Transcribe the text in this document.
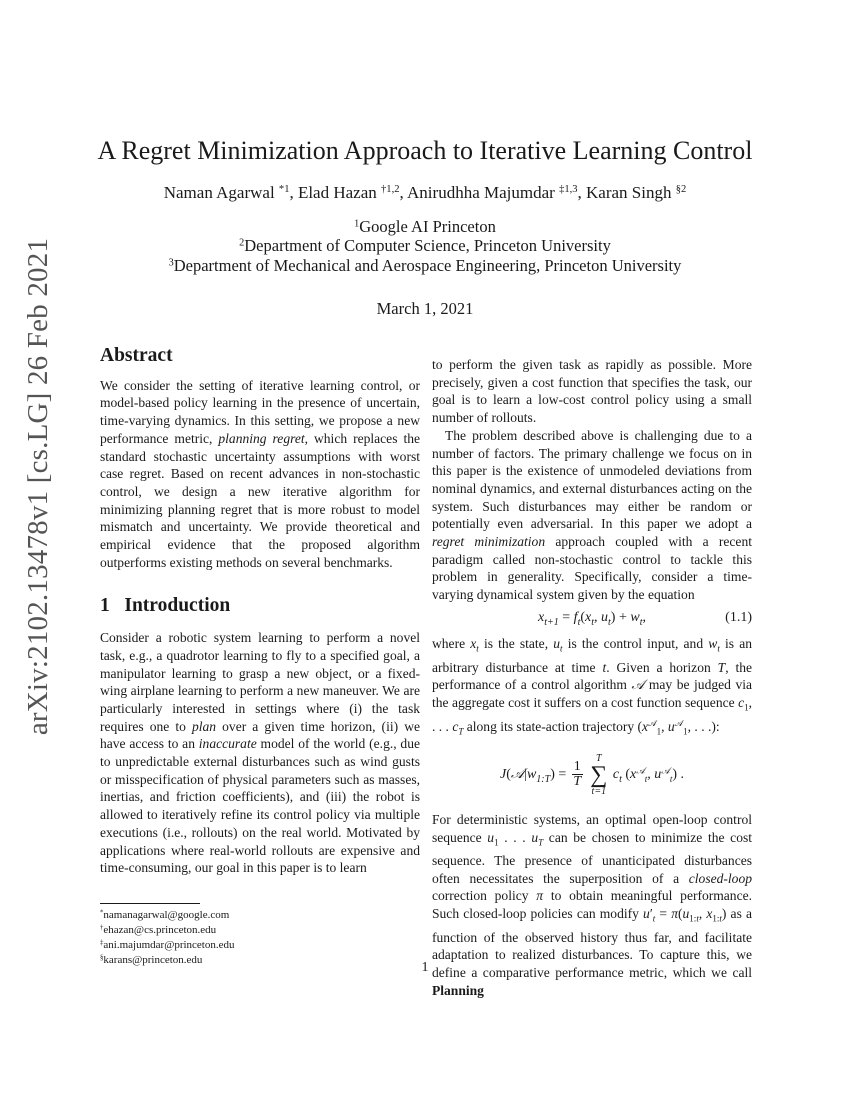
arXiv:2102.13478v1 [cs.LG] 26 Feb 2021
A Regret Minimization Approach to Iterative Learning Control
Naman Agarwal $^{*1}$, Elad Hazan $^{\dagger 1,2}$, Anirudhha Majumdar $^{\ddagger 1,3}$, Karan Singh $^{\S 2}$
$^1$Google AI Princeton
$^2$Department of Computer Science, Princeton University
$^3$Department of Mechanical and Aerospace Engineering, Princeton University
March 1, 2021
Abstract

We consider the setting of iterative learning control, or model-based policy learning in the presence of uncertain, time-varying dynamics. In this setting, we propose a new performance metric, planning regret, which replaces the standard stochastic uncertainty assumptions with worst case regret. Based on recent advances in non-stochastic control, we design a new iterative algorithm for minimizing planning regret that is more robust to model mismatch and uncertainty. We provide theoretical and empirical evidence that the proposed algorithm outperforms existing methods on several benchmarks.

1 Introduction

Consider a robotic system learning to perform a novel task, e.g., a quadrotor learning to fly to a specified goal, a manipulator learning to grasp a new object, or a fixed-wing airplane learning to perform a new maneuver. We are particularly interested in settings where (i) the task requires one to plan over a given time horizon, (ii) we have access to an inaccurate model of the world (e.g., due to unpredictable external disturbances such as wind gusts or misspecification of physical parameters such as masses, inertias, and friction coefficients), and (iii) the robot is allowed to iteratively refine its control policy via multiple executions (i.e., rollouts) on the real world. Motivated by applications where real-world rollouts are expensive and time-consuming, our goal in this paper is to learn

to perform the given task as rapidly as possible. More precisely, given a cost function that specifies the task, our goal is to learn a low-cost control policy using a small number of rollouts.

The problem described above is challenging due to a number of factors. The primary challenge we focus on in this paper is the existence of unmodeled deviations from nominal dynamics, and external disturbances acting on the system. Such disturbances may either be random or potentially even adversarial. In this paper we adopt a regret minimization approach coupled with a recent paradigm called non-stochastic control to tackle this problem in generality. Specifically, consider a time-varying dynamical system given by the equation

$x_{t+1} = f_t(x_t$, $u_t) + w_t$,	(1.1)

where $x_t$ is the state, $u_t$ is the control input, and $w_t$ is an arbitrary disturbance at time t. Given a horizon T, the performance of a control algorithm 𝒜 may be judged via the aggregate cost it suffers on a cost function sequence $c_1$, . . . $c_T$ along its state-action trajectory ($x^𝒜_1$, $u^𝒜_1$, . . .):

$J(𝒜|w_{1:T}) = \frac{1}{T}$

T
∑
t=1
$c_t$ ($x^𝒜_t$, $u^𝒜_t$) .

For deterministic systems, an optimal open-loop control sequence $u_1$ . . . $u_T$ can be chosen to minimize the cost sequence. The presence of unanticipated disturbances often necessitates the superposition of a closed-loop correction policy π to obtain meaningful performance. Such closed-loop policies can modify $u'_t = \pi(u_{1:t}$, $x_{1:t}$) as a function of the observed history thus far, and facilitate adaptation to realized disturbances. To capture this, we define a comparative performance metric, which we call Planning

*namanagarwal@google.com
†ehazan@cs.princeton.edu
‡ani.majumdar@princeton.edu
§karans@princeton.edu	1
